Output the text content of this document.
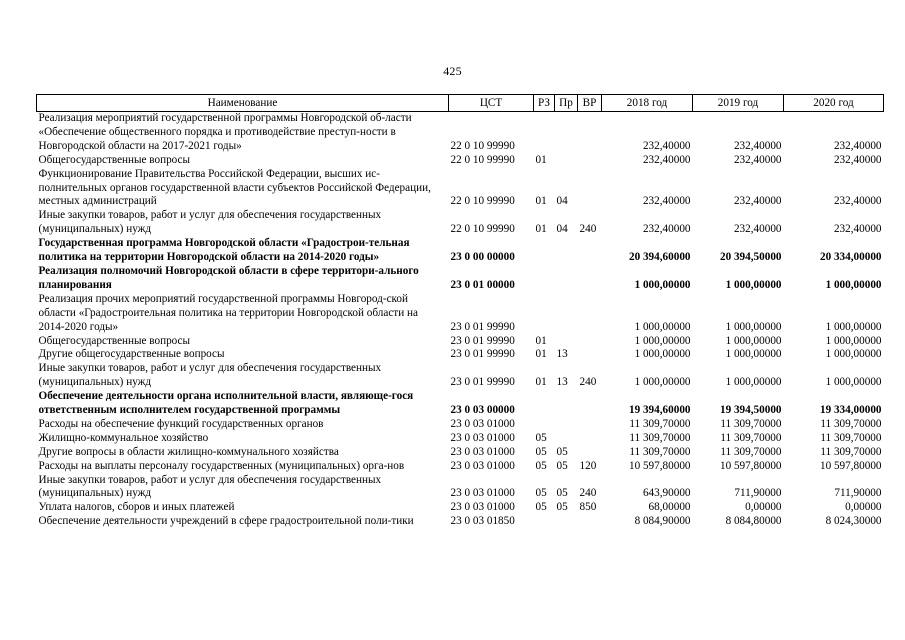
425
Наименование	ЦСТ	РЗ	Пр	ВР	2018 год	2019 год	2020 год
Реализация мероприятий государственной программы Новгородской об-ласти «Обеспечение общественного порядка и противодействие преступ-ности в Новгородской области на 2017-2021 годы»	22 0 10 99990				232,40000	232,40000	232,40000
Общегосударственные вопросы	22 0 10 99990	01			232,40000	232,40000	232,40000
Функционирование Правительства Российской Федерации, высших ис-полнительных органов государственной власти субъектов Российской Федерации, местных администраций	22 0 10 99990	01	04		232,40000	232,40000	232,40000
Иные закупки товаров, работ и услуг для обеспечения государственных (муниципальных) нужд	22 0 10 99990	01	04	240	232,40000	232,40000	232,40000
Государственная программа Новгородской области «Градострои-тельная политика на территории Новгородской области на 2014-2020 годы»	23 0 00 00000				20 394,60000	20 394,50000	20 334,00000
Реализация полномочий Новгородской области в сфере территори-ального планирования	23 0 01 00000				1 000,00000	1 000,00000	1 000,00000
Реализация прочих мероприятий государственной программы Новгород-ской области «Градостроительная политика на территории Новгородской области на 2014-2020 годы»	23 0 01 99990				1 000,00000	1 000,00000	1 000,00000
Общегосударственные вопросы	23 0 01 99990	01			1 000,00000	1 000,00000	1 000,00000
Другие общегосударственные вопросы	23 0 01 99990	01	13		1 000,00000	1 000,00000	1 000,00000
Иные закупки товаров, работ и услуг для обеспечения государственных (муниципальных) нужд	23 0 01 99990	01	13	240	1 000,00000	1 000,00000	1 000,00000
Обеспечение деятельности органа исполнительной власти, являюще-гося ответственным исполнителем государственной программы	23 0 03 00000				19 394,60000	19 394,50000	19 334,00000
Расходы на обеспечение функций государственных органов	23 0 03 01000				11 309,70000	11 309,70000	11 309,70000
Жилищно-коммунальное хозяйство	23 0 03 01000	05			11 309,70000	11 309,70000	11 309,70000
Другие вопросы в области жилищно-коммунального хозяйства	23 0 03 01000	05	05		11 309,70000	11 309,70000	11 309,70000
Расходы на выплаты персоналу государственных (муниципальных) орга-нов	23 0 03 01000	05	05	120	10 597,80000	10 597,80000	10 597,80000
Иные закупки товаров, работ и услуг для обеспечения государственных (муниципальных) нужд	23 0 03 01000	05	05	240	643,90000	711,90000	711,90000
Уплата налогов, сборов и иных платежей	23 0 03 01000	05	05	850	68,00000	0,00000	0,00000
Обеспечение деятельности учреждений в сфере градостроительной поли-тики	23 0 03 01850				8 084,90000	8 084,80000	8 024,30000
